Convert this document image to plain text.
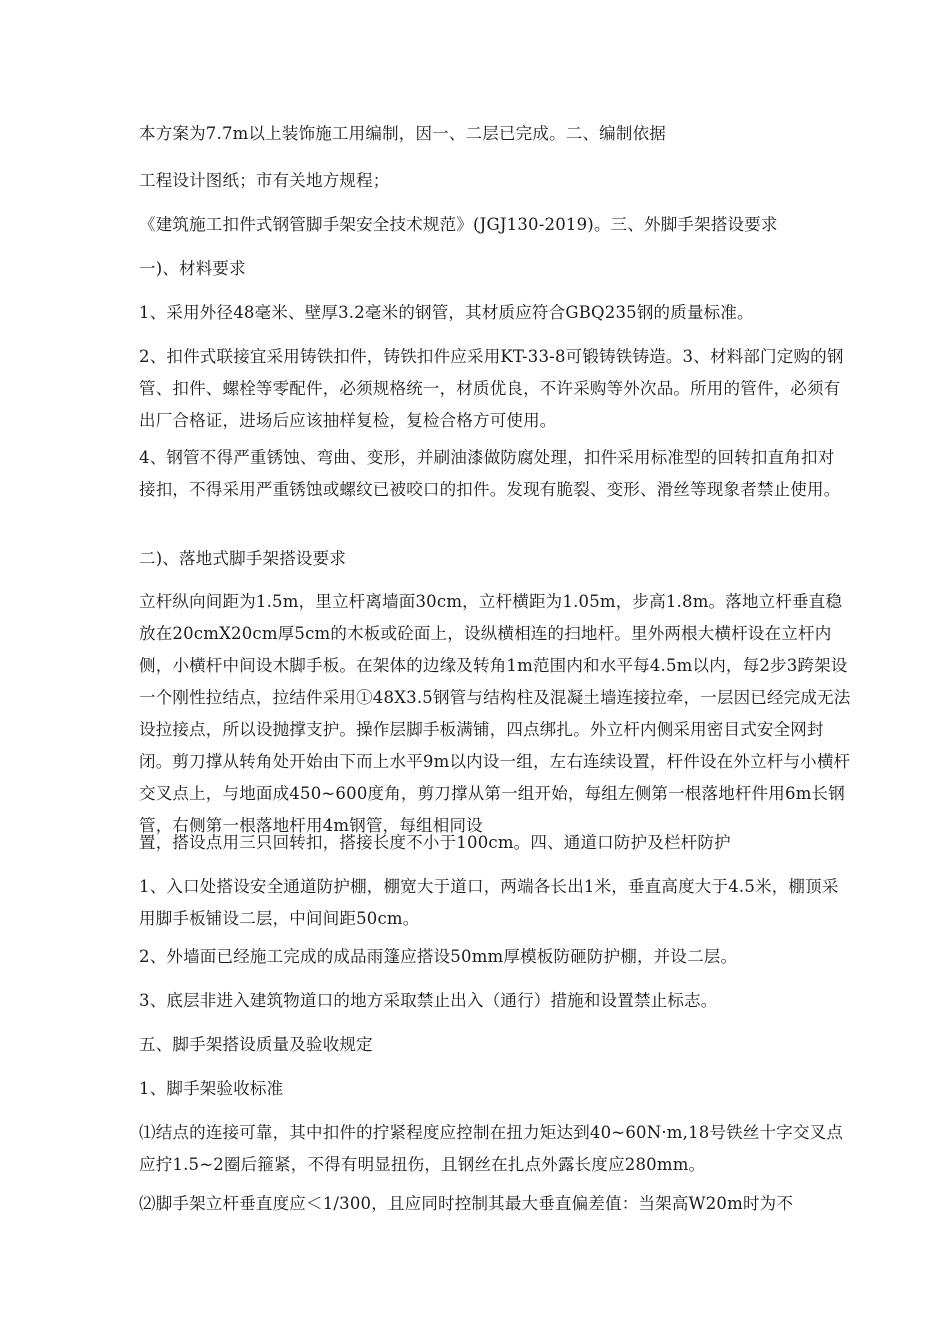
本方案为7.7m以上装饰施工用编制，因一、二层已完成。二、编制依据

工程设计图纸；市有关地方规程；

《建筑施工扣件式钢管脚手架安全技术规范》(JGJ130-2019)。三、外脚手架搭设要求

一)、材料要求

1、采用外径48毫米、壁厚3.2毫米的钢管，其材质应符合GBQ235钢的质量标准。

2、扣件式联接宜采用铸铁扣件，铸铁扣件应采用KT-33-8可锻铸铁铸造。3、材料部门定购的钢管、扣件、螺栓等零配件，必须规格统一，材质优良，不许采购等外次品。所用的管件，必须有出厂合格证，进场后应该抽样复检，复检合格方可使用。

4、钢管不得严重锈蚀、弯曲、变形，并刷油漆做防腐处理，扣件采用标准型的回转扣直角扣对接扣，不得采用严重锈蚀或螺纹已被咬口的扣件。发现有脆裂、变形、滑丝等现象者禁止使用。

二)、落地式脚手架搭设要求

立杆纵向间距为1.5m，里立杆离墙面30cm，立杆横距为1.05m，步高1.8m。落地立杆垂直稳放在20cmX20cm厚5cm的木板或砼面上，设纵横相连的扫地杆。里外两根大横杆设在立杆内侧，小横杆中间设木脚手板。在架体的边缘及转角1m范围内和水平每4.5m以内，每2步3跨架设一个刚性拉结点，拉结件采用①48X3.5钢管与结构柱及混凝土墙连接拉牵，一层因已经完成无法设拉接点，所以设抛撑支护。操作层脚手板满铺，四点绑扎。外立杆内侧采用密目式安全网封闭。剪刀撑从转角处开始由下而上水平9m以内设一组，左右连续设置，杆件设在外立杆与小横杆交叉点上，与地面成450~600度角，剪刀撑从第一组开始，每组左侧第一根落地杆件用6m长钢管，右侧第一根落地杆用4m钢管，每组相同设

置，搭设点用三只回转扣，搭接长度不小于100cm。四、通道口防护及栏杆防护

1、入口处搭设安全通道防护棚，棚宽大于道口，两端各长出1米，垂直高度大于4.5米，棚顶采用脚手板铺设二层，中间间距50cm。

2、外墙面已经施工完成的成品雨篷应搭设50mm厚模板防砸防护棚，并设二层。

3、底层非进入建筑物道口的地方采取禁止出入（通行）措施和设置禁止标志。

五、脚手架搭设质量及验收规定

1、脚手架验收标准

⑴结点的连接可靠，其中扣件的拧紧程度应控制在扭力矩达到40~60N·m,18号铁丝十字交叉点应拧1.5~2圈后箍紧，不得有明显扭伤，且钢丝在扎点外露长度应280mm。

⑵脚手架立杆垂直度应＜1/300，且应同时控制其最大垂直偏差值：当架高W20m时为不
